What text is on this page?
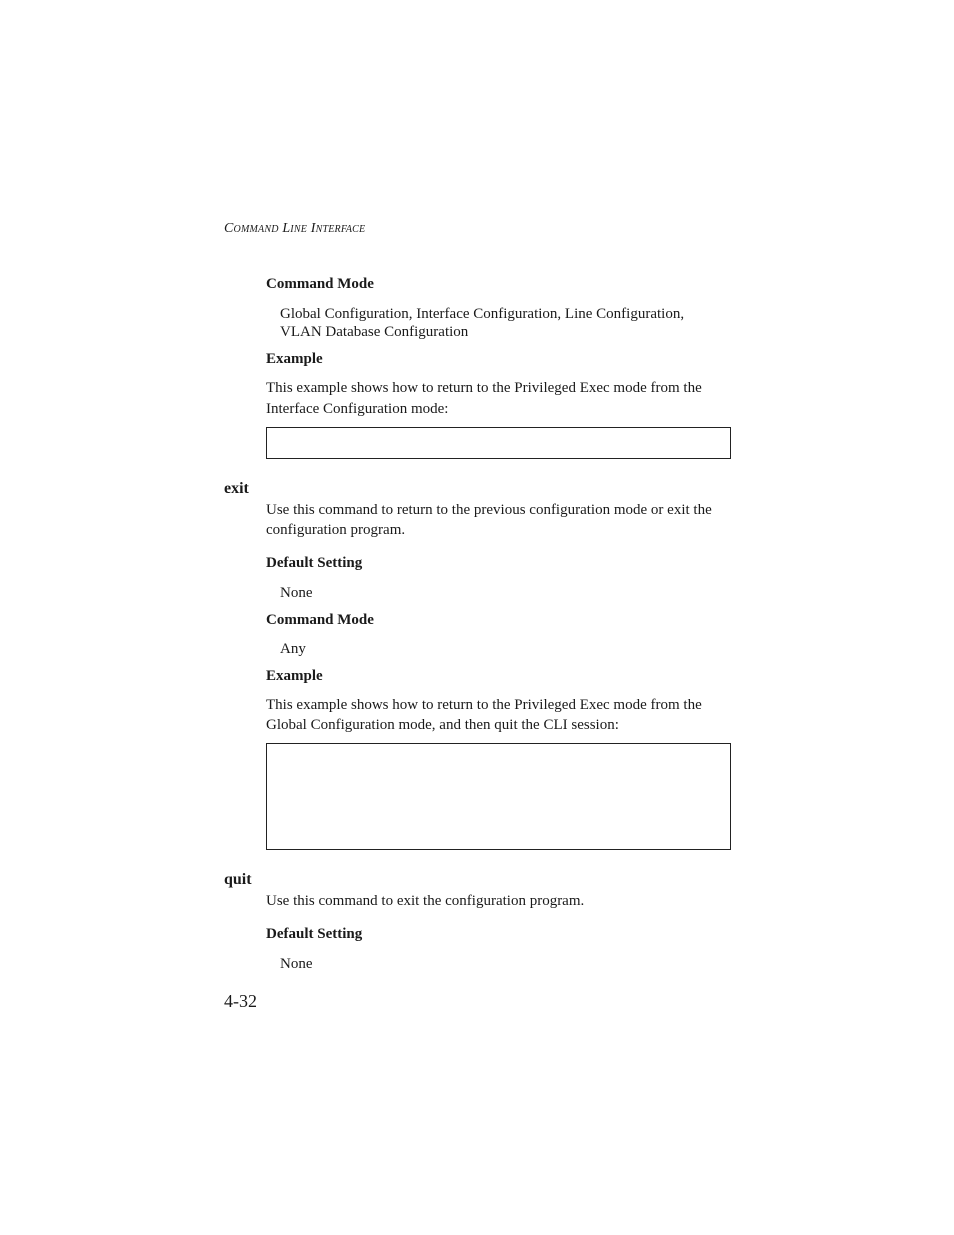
Command Line Interface
Command Mode
Global Configuration, Interface Configuration, Line Configuration,
VLAN Database Configuration
Example
This example shows how to return to the Privileged Exec mode from the
Interface Configuration mode:
exit
Use this command to return to the previous configuration mode or exit the
configuration program.
Default Setting
None
Command Mode
Any
Example
This example shows how to return to the Privileged Exec mode from the
Global Configuration mode, and then quit the CLI session:
quit
Use this command to exit the configuration program.
Default Setting
None
4-32
